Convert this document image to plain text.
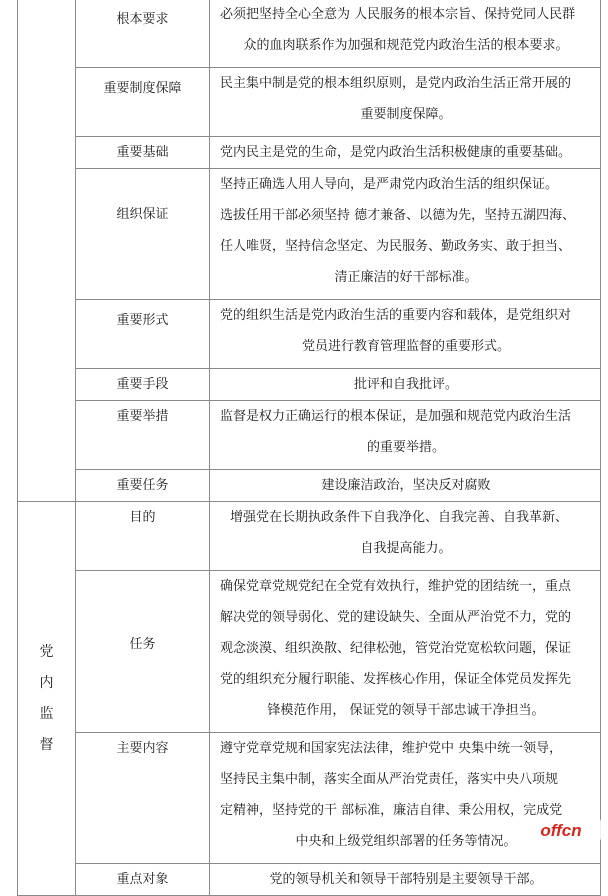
	根本要求	必须把坚持全心全意为 人民服务的根本宗旨、保持党同人民群
众的血肉联系作为加强和规范党内政治生活的根本要求。

	重要制度保障	民主集中制是党的根本组织原则，是党内政治生活正常开展的
重要制度保障。

	重要基础	党内民主是党的生命，是党内政治生活积极健康的重要基础。

	组织保证	坚持正确选人用人导向，是严肃党内政治生活的组织保证。
选拔任用干部必须坚持 德才兼备、以德为先，坚持五湖四海、
任人唯贤，坚持信念坚定、为民服务、勤政务实、敢于担当、
清正廉洁的好干部标准。

	重要形式	党的组织生活是党内政治生活的重要内容和载体，是党组织对
党员进行教育管理监督的重要形式。

	重要手段	批评和自我批评。

	重要举措	监督是权力正确运行的根本保证，是加强和规范党内政治生活
的重要举措。

	重要任务	建设廉洁政治，坚决反对腐败

党
内
监
督	目的	增强党在长期执政条件下自我净化、自我完善、自我革新、
自我提高能力。

	任务	确保党章党规党纪在全党有效执行，维护党的团结统一，重点
解决党的领导弱化、党的建设缺失、全面从严治党不力，党的
观念淡漠、组织涣散、纪律松弛，管党治党宽松软问题，保证
党的组织充分履行职能、发挥核心作用，保证全体党员发挥先
锋模范作用， 保证党的领导干部忠诚干净担当。

	主要内容	遵守党章党规和国家宪法法律，维护党中 央集中统一领导，
坚持民主集中制，落实全面从严治党责任，落实中央八项规
定精神，坚持党的干 部标准，廉洁自律、秉公用权，完成党
中央和上级党组织部署的任务等情况。

	重点对象	党的领导机关和领导干部特别是主要领导干部。
offcn
